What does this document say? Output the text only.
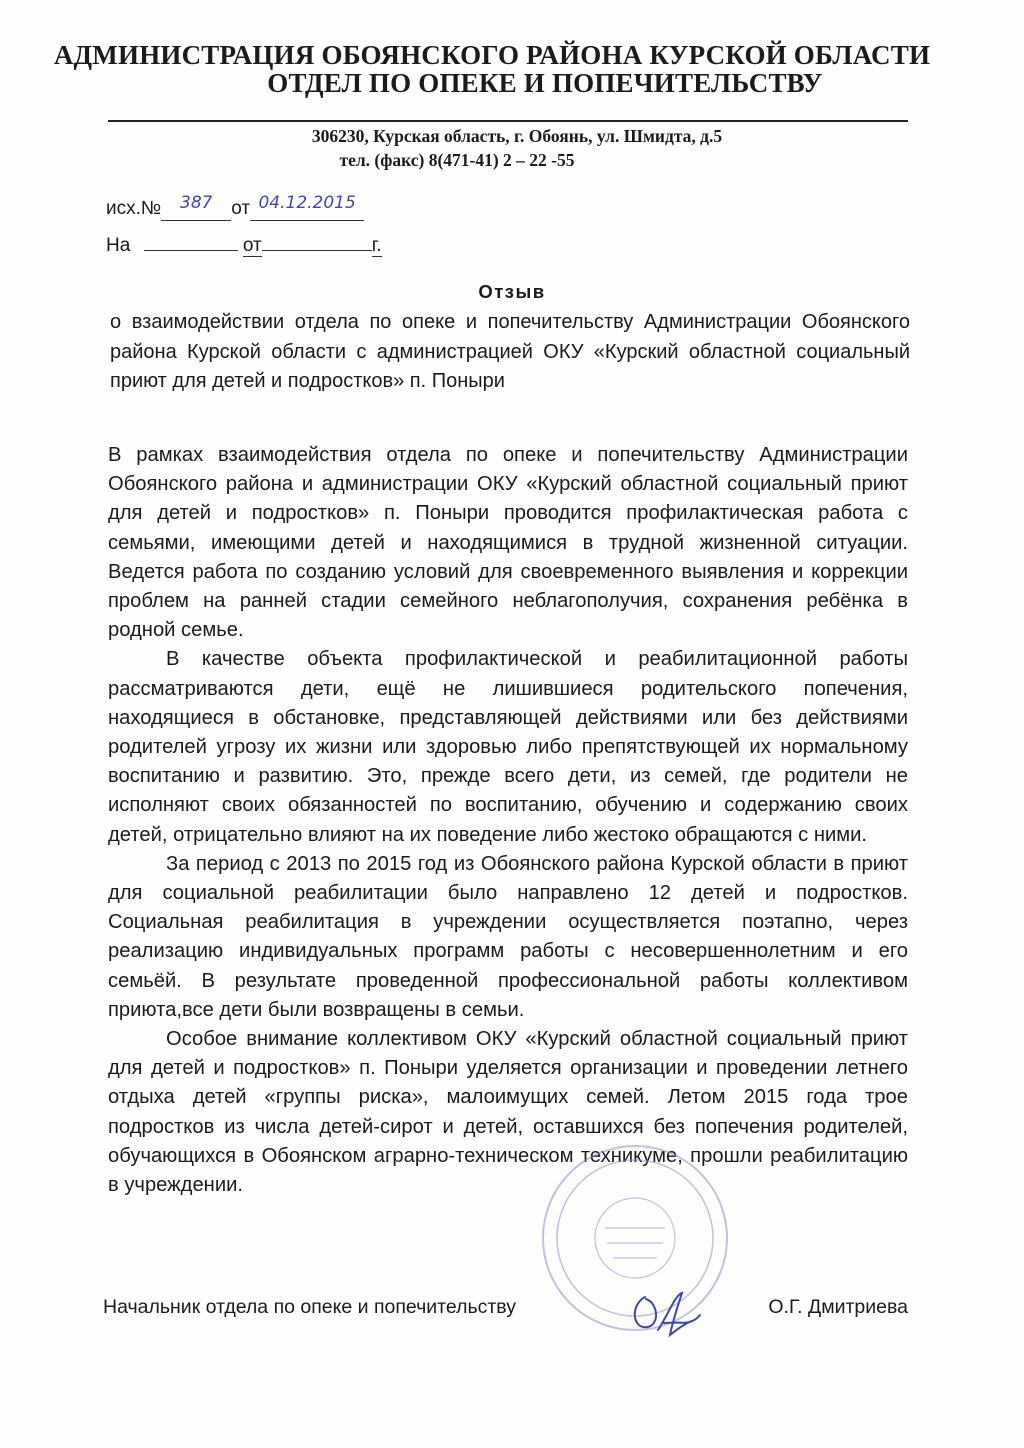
АДМИНИСТРАЦИЯ ОБОЯНСКОГО РАЙОНА КУРСКОЙ ОБЛАСТИ
ОТДЕЛ ПО ОПЕКЕ И ПОПЕЧИТЕЛЬСТВУ
306230, Курская область, г. Обоянь, ул. Шмидта, д.5
тел. (факс) 8(471-41) 2 – 22 -55
исх.№ 387 от 04.12.2015
На	от	г.
Отзыв
о взаимодействии отдела по опеке и попечительству Администрации Обоянского района Курской области с администрацией ОКУ «Курский областной социальный приют для детей и подростков» п. Поныри

В рамках взаимодействия отдела по опеке и попечительству Администрации Обоянского района и администрации ОКУ «Курский областной социальный приют для детей и подростков» п. Поныри проводится профилактическая работа с семьями, имеющими детей и находящимися в трудной жизненной ситуации. Ведется работа по созданию условий для своевременного выявления и коррекции проблем на ранней стадии семейного неблагополучия, сохранения ребёнка в родной семье.

В качестве объекта профилактической и реабилитационной работы рассматриваются дети, ещё не лишившиеся родительского попечения, находящиеся в обстановке, представляющей действиями или без действиями родителей угрозу их жизни или здоровью либо препятствующей их нормальному воспитанию и развитию. Это, прежде всего дети, из семей, где родители не исполняют своих обязанностей по воспитанию, обучению и содержанию своих детей, отрицательно влияют на их поведение либо жестоко обращаются с ними.

За период с 2013 по 2015 год из Обоянского района Курской области в приют для социальной реабилитации было направлено 12 детей и подростков. Социальная реабилитация в учреждении осуществляется поэтапно, через реализацию индивидуальных программ работы с несовершеннолетним и его семьёй. В результате проведенной профессиональной работы коллективом приюта,все дети были возвращены в семьи.

Особое внимание коллективом ОКУ «Курский областной социальный приют для детей и подростков» п. Поныри уделяется организации и проведении летнего отдыха детей «группы риска», малоимущих семей. Летом 2015 года трое подростков из числа детей-сирот и детей, оставшихся без попечения родителей, обучающихся в Обоянском аграрно-техническом техникуме, прошли реабилитацию в учреждении.

Начальник отдела по опеке и попечительству	О.Г. Дмитриева
